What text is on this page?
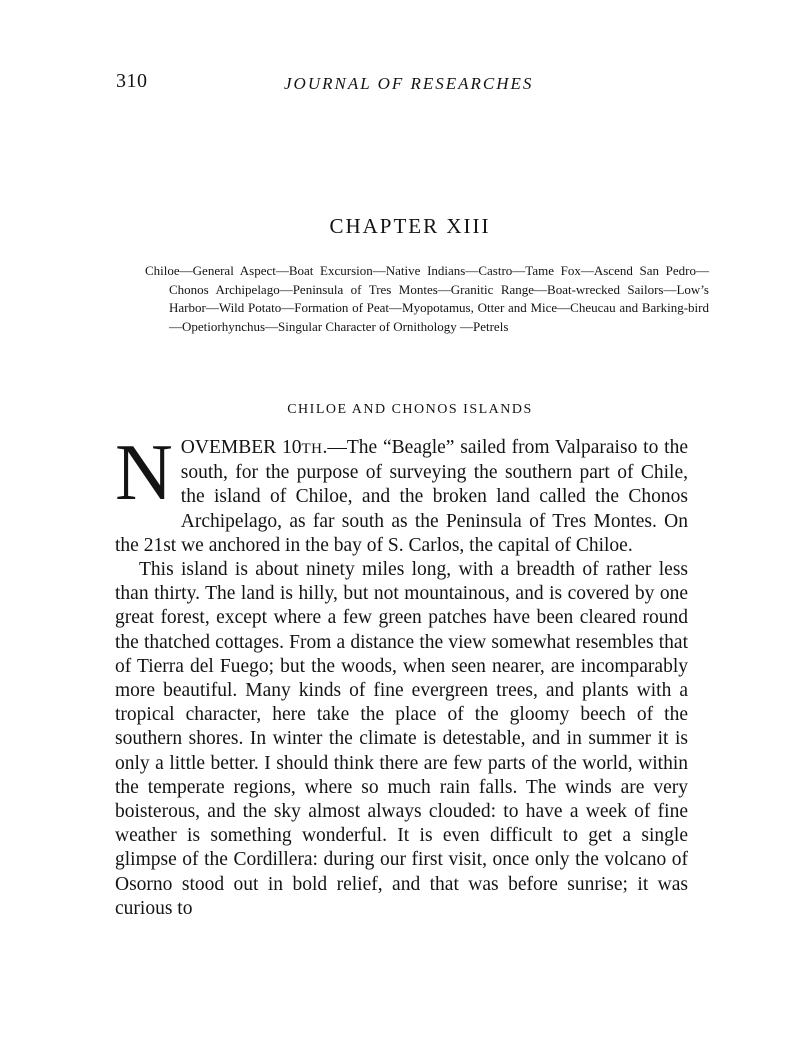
310	JOURNAL OF RESEARCHES
CHAPTER XIII
Chiloe—General Aspect—Boat Excursion—Native Indians—Castro—Tame Fox—Ascend San Pedro—Chonos Archipelago—Peninsula of Tres Montes—Granitic Range—Boat-wrecked Sailors—Low’s Harbor—Wild Potato—Formation of Peat—Myopotamus, Otter and Mice—Cheucau and Barking-bird—Opetiorhynchus—Singular Character of Ornithology —Petrels
CHILOE AND CHONOS ISLANDS

NOVEMBER 10TH.—The “Beagle” sailed from Valparaiso to the south, for the purpose of surveying the southern part of Chile, the island of Chiloe, and the broken land called the Chonos Archipelago, as far south as the Peninsula of Tres Montes. On the 21st we anchored in the bay of S. Carlos, the capital of Chiloe.

This island is about ninety miles long, with a breadth of rather less than thirty. The land is hilly, but not mountainous, and is covered by one great forest, except where a few green patches have been cleared round the thatched cottages. From a distance the view somewhat resembles that of Tierra del Fuego; but the woods, when seen nearer, are incomparably more beautiful. Many kinds of fine evergreen trees, and plants with a tropical character, here take the place of the gloomy beech of the southern shores. In winter the climate is detestable, and in summer it is only a little better. I should think there are few parts of the world, within the temperate regions, where so much rain falls. The winds are very boisterous, and the sky almost always clouded: to have a week of fine weather is something wonderful. It is even difficult to get a single glimpse of the Cordillera: during our first visit, once only the volcano of Osorno stood out in bold relief, and that was before sunrise; it was curious to
